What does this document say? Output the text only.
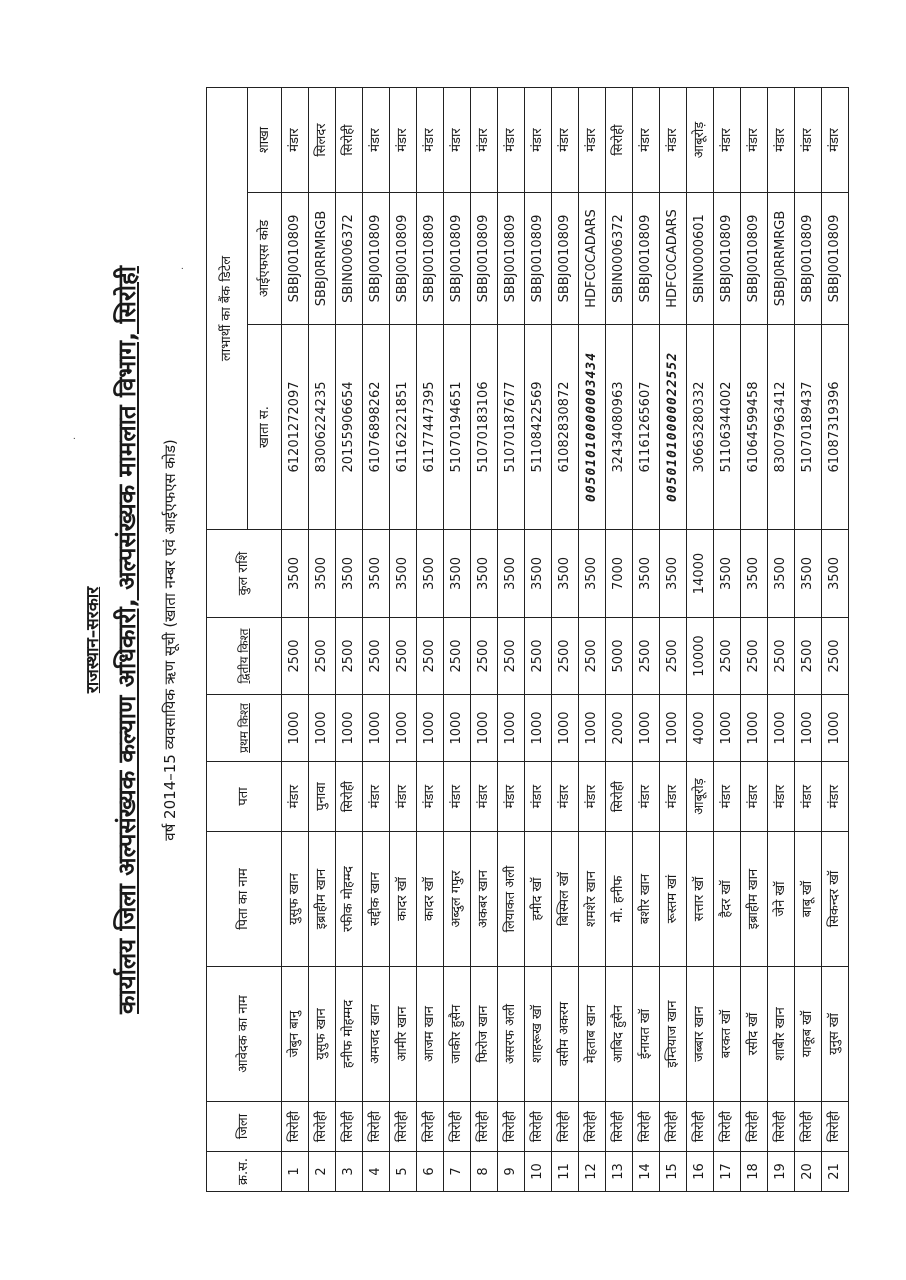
राजस्थान–सरकार कार्यालय जिला अल्पसंख्यक कल्याण अधिकारी, अल्पसंख्यक मामलात विभाग, सिरोही वर्ष 2014–15 व्यवसायिक ऋण सूची (खाता नम्बर एवं आईएफएस कोड)
क्र.स.	जिला	आवेदक का नाम	पिता का नाम	पता	प्रथम किश्त	द्वितीय किश्त	कुल राशि	लाभार्थी का बैंक डिटेल		
								खाता स.	आईएफएस कोड	शाखा
1	सिरोही	जेबुन बानु	युसुफ खान	मंडार	1000	2500	3500	61201272097	SBBJ0010809	मंडार
2	सिरोही	युसुफ खान	इब्राहीम खान	पुनावा	1000	2500	3500	83006224235	SBBJ0RRMRGB	सिलदर
3	सिरोही	हनीफ मोहम्मद	रफीक मोहम्म्द	सिरोही	1000	2500	3500	20155906654	SBIN0006372	सिरोही
4	सिरोही	अमजद खान	सद्दीक खान	मंडार	1000	2500	3500	61076898262	SBBJ0010809	मंडार
5	सिरोही	आमीर खान	कादर खॉ	मंडार	1000	2500	3500	61162221851	SBBJ0010809	मंडार
6	सिरोही	आजम खान	कादर खॉ	मंडार	1000	2500	3500	61177447395	SBBJ0010809	मंडार
7	सिरोही	जाकीर हुसैन	अब्दुल गफुर	मंडार	1000	2500	3500	51070194651	SBBJ0010809	मंडार
8	सिरोही	फिरोज खान	अकबर खान	मंडार	1000	2500	3500	51070183106	SBBJ0010809	मंडार
9	सिरोही	असरफ अली	लियाकत अली	मंडार	1000	2500	3500	51070187677	SBBJ0010809	मंडार
10	सिरोही	शाहरूख खॉ	हमीद खॉ	मंडार	1000	2500	3500	51108422569	SBBJ0010809	मंडार
11	सिरोही	वसीम अकरम	बिस्मिल खॉ	मंडार	1000	2500	3500	61082830872	SBBJ0010809	मंडार
12	सिरोही	मेहताब खान	शमशेर खान	मंडार	1000	2500	3500	00501010000003434	HDFC0CADARS	मंडार
13	सिरोही	आबिद हुसैन	मो. हनीफ	सिरोही	2000	5000	7000	32434080963	SBIN0006372	सिरोही
14	सिरोही	ईनायत खॉ	बशीर खान	मंडार	1000	2500	3500	61161265607	SBBJ0010809	मंडार
15	सिरोही	इम्तियाज खान	रूस्तम खां	मंडार	1000	2500	3500	00501010000022552	HDFC0CADARS	मंडार
16	सिरोही	जब्बार खान	सत्तार खॉ	आबूरोड़	4000	10000	14000	30663280332	SBIN0000601	आबूरोड़
17	सिरोही	बरकत खॉ	हैदर खॉ	मंडार	1000	2500	3500	51106344002	SBBJ0010809	मंडार
18	सिरोही	रसीद खॉ	इब्राहीम खान	मंडार	1000	2500	3500	61064599458	SBBJ0010809	मंडार
19	सिरोही	शाबीर खान	जेने खॉ	मंडार	1000	2500	3500	83007963412	SBBJ0RRMRGB	मंडार
20	सिरोही	याकूब खॉ	बाबू खॉ	मंडार	1000	2500	3500	51070189437	SBBJ0010809	मंडार
21	सिरोही	युनुस खॉ	सिकन्दर खॉ	मंडार	1000	2500	3500	61087319396	SBBJ0010809	मंडार
·
·
